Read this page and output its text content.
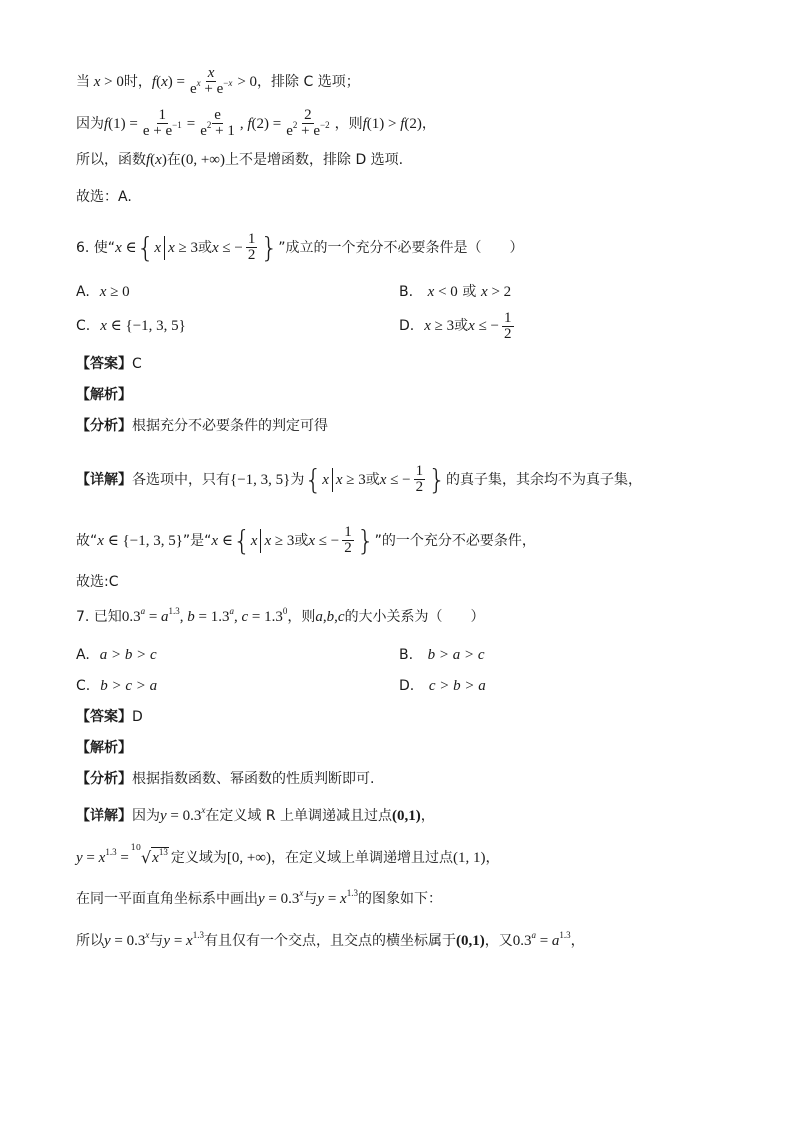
当 x > 0 时， $f(x) = \frac{x}{e^x + e^{-x}} > 0$ ，排除 C 选项；
因为 $f(1) = \frac{1}{e + e^{-1}} = \frac{e}{e^2 + 1}$ , $f(2) = \frac{2}{e^2 + e^{-2}}$ ，则 f(1) > f(2) ，
所以，函数 f(x) 在 (0, +∞) 上不是增函数，排除 D 选项.
故选：A.
6. 使“ x ∈ { x x ≥ 3 或 x ≤ − $\frac{1}{2}$ } ”成立的一个充分不必要条件是（　　）
A. x ≥ 0	B. x < 0 或 x > 2
C. x ∈ {−1, 3, 5}	D. x ≥ 3 或 x ≤ − $\frac{1}{2}$
【答案】 C
【解析】
【分析】 根据充分不必要条件的判定可得
【详解】 各选项中，只有 {−1, 3, 5} 为 { x x ≥ 3 或 x ≤ − $\frac{1}{2}$ } 的真子集，其余均不为真子集，
故“ x ∈ {−1, 3, 5} ”是“ x ∈ { x x ≥ 3 或 x ≤ − $\frac{1}{2}$ } ”的一个充分不必要条件，
故选:C
7. 已知 $0.3^a = a^{1.3}$, b = 1.3$^a$, $c = 1.3^0$ ，则 a , b , c 的大小关系为（　　）
A. a > b > c	B. b > a > c
C. b > c > a	D. c > b > a
【答案】 D
【解析】
【分析】 根据指数函数、幂函数的性质判断即可.
【详解】 因为 $y = 0.3^x$ 在定义域 R 上单调递减且过点 (0,1) ，
$y = x^{1.3}$ =
10
√ $x^{13}$ 定义域为 [0, +∞) ，在定义域上单调递增且过点 (1, 1) ，
在同一平面直角坐标系中画出 $y = 0.3^x$ 与 $y = x^{1.3}$ 的图象如下：
所以 $y = 0.3^x$ 与 $y = x^{1.3}$ 有且仅有一个交点，且交点的横坐标属于 (0,1) ，又 $0.3^a = a^{1.3}$ ，
